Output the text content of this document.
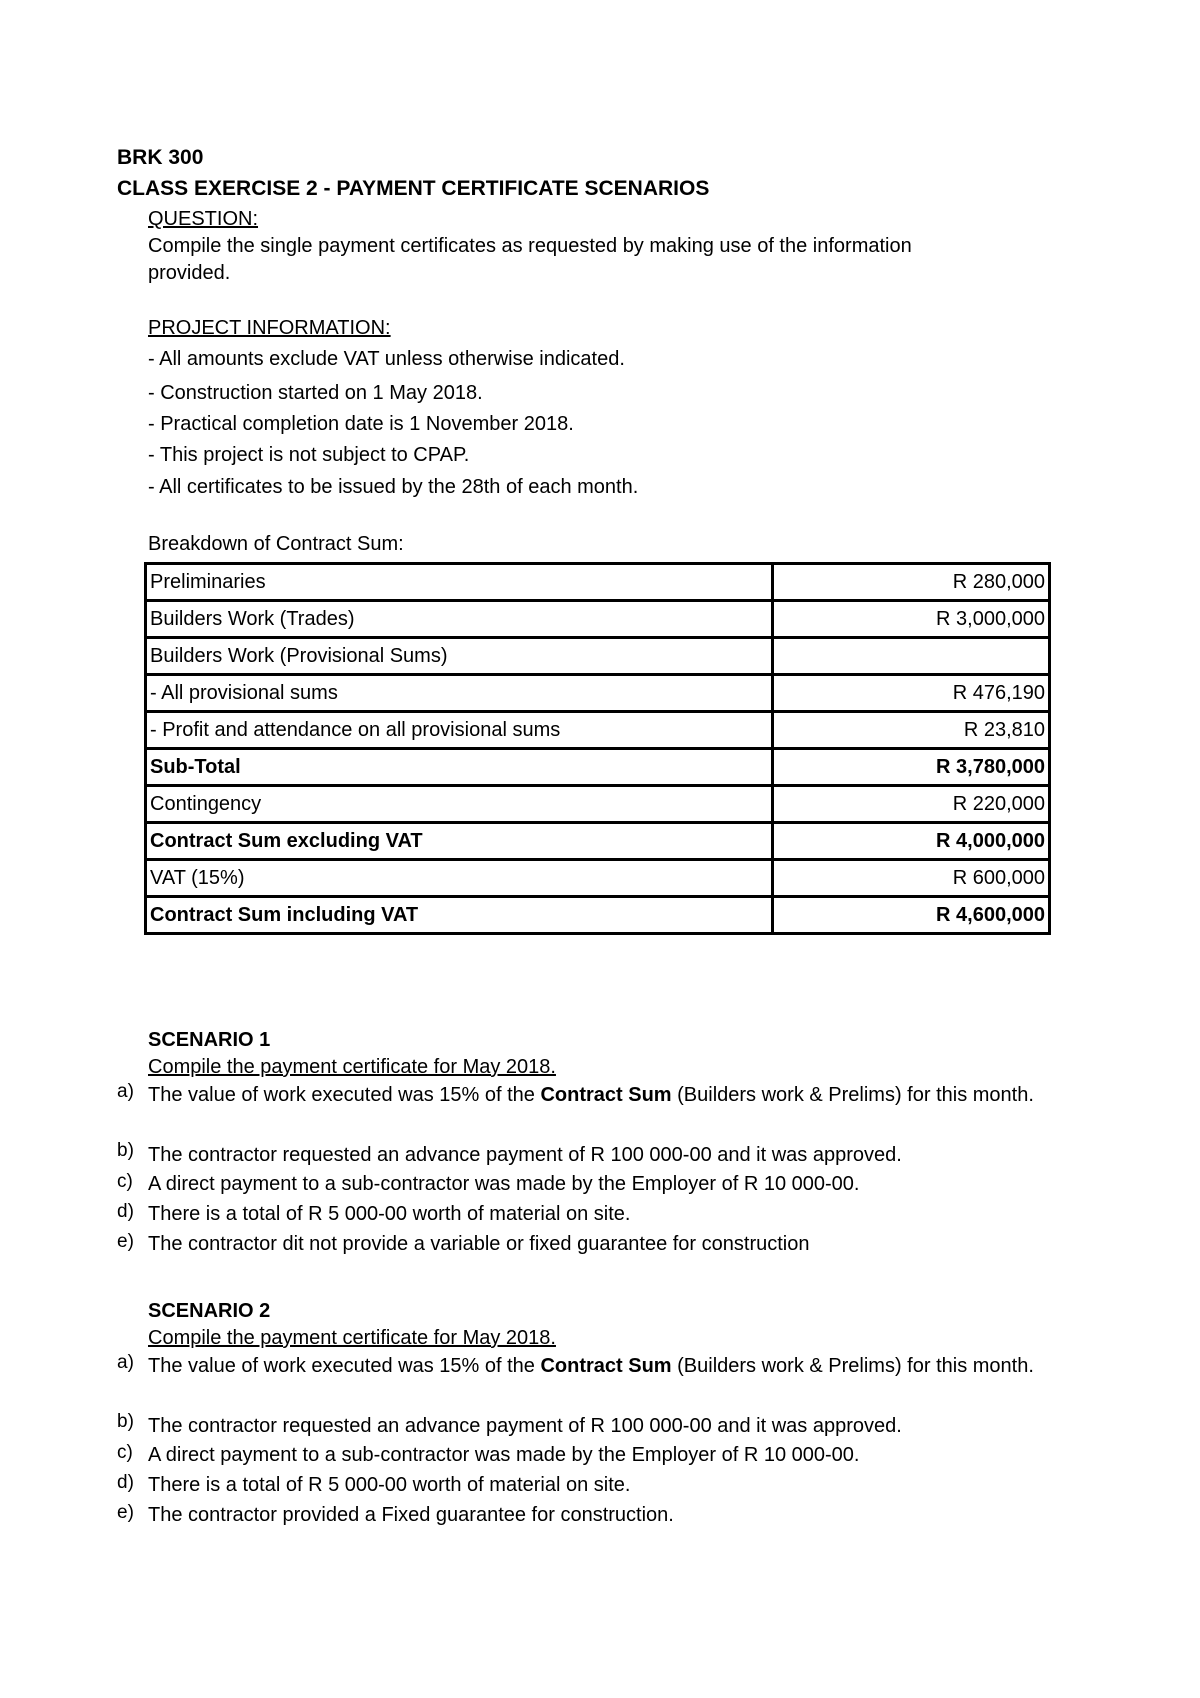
BRK 300
CLASS EXERCISE 2 - PAYMENT CERTIFICATE SCENARIOS
QUESTION:
Compile the single payment certificates as requested by making use of the information
provided.
PROJECT INFORMATION:
- All amounts exclude VAT unless otherwise indicated.
- Construction started on 1 May 2018.
- Practical completion date is 1 November 2018.
- This project is not subject to CPAP.
- All certificates to be issued by the 28th of each month.
Breakdown of Contract Sum:
Preliminaries	R 280,000
Builders Work (Trades)	R 3,000,000
Builders Work (Provisional Sums)	
- All provisional sums	R 476,190
- Profit and attendance on all provisional sums	R 23,810
Sub-Total	R 3,780,000
Contingency	R 220,000
Contract Sum excluding VAT	R 4,000,000
VAT (15%)	R 600,000
Contract Sum including VAT	R 4,600,000
SCENARIO 1
Compile the payment certificate for May 2018.
a) The value of work executed was 15% of the Contract Sum (Builders work & Prelims) for this month.
b) The contractor requested an advance payment of R 100 000-00 and it was approved.
c) A direct payment to a sub-contractor was made by the Employer of R 10 000-00.
d) There is a total of R 5 000-00 worth of material on site.
e) The contractor dit not provide a variable or fixed guarantee for construction
SCENARIO 2
Compile the payment certificate for May 2018.
a) The value of work executed was 15% of the Contract Sum (Builders work & Prelims) for this month.
b) The contractor requested an advance payment of R 100 000-00 and it was approved.
c) A direct payment to a sub-contractor was made by the Employer of R 10 000-00.
d) There is a total of R 5 000-00 worth of material on site.
e) The contractor provided a Fixed guarantee for construction.
